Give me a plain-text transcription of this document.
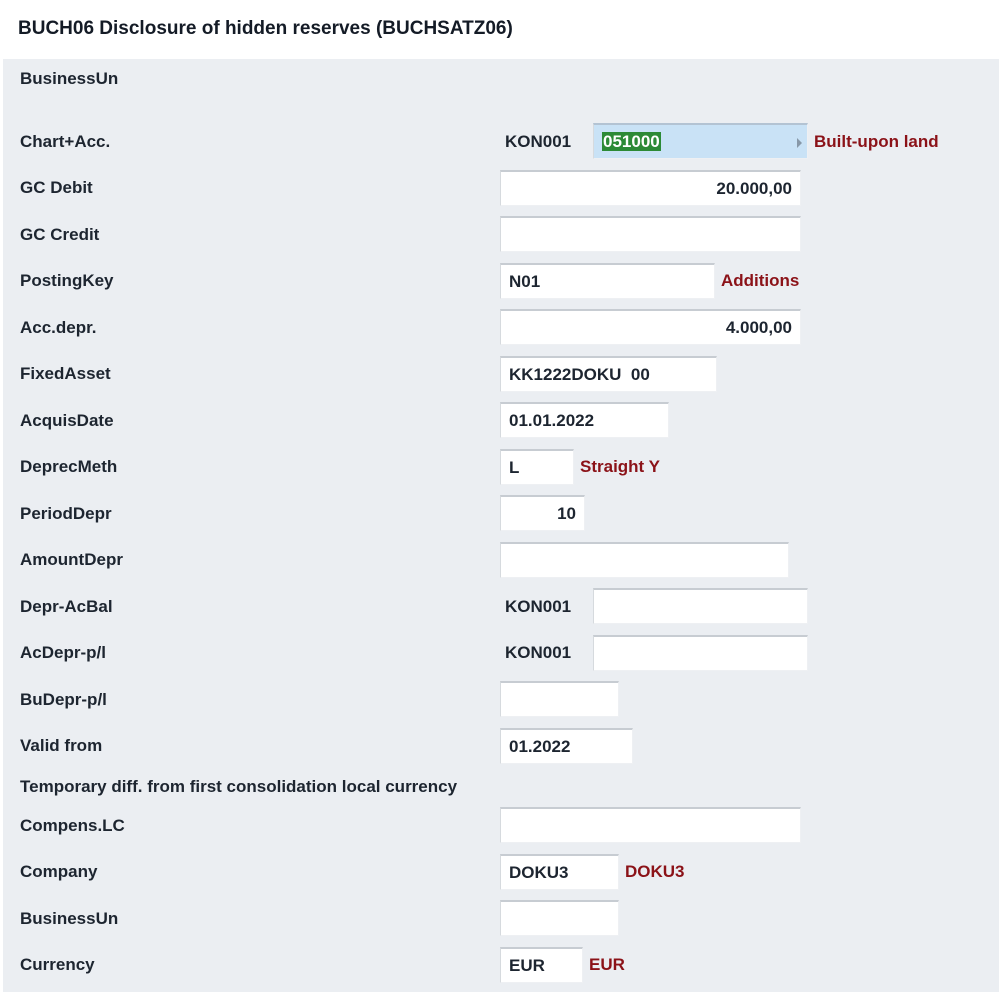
BUCH06 Disclosure of hidden reserves (BUCHSATZ06)
BusinessUn
Chart+Acc.	KON001	051000	Built-upon land
GC Debit	20.000,00
GC Credit
PostingKey	N01	Additions
Acc.depr.	4.000,00
FixedAsset	KK1222DOKU  00
AcquisDate	01.01.2022
DeprecMeth	L	Straight Y
PeriodDepr	10
AmountDepr
Depr-AcBal	KON001
AcDepr-p/l	KON001
BuDepr-p/l
Valid from	01.2022
Temporary diff. from first consolidation local currency
Compens.LC
Company	DOKU3	DOKU3
BusinessUn
Currency	EUR	EUR
